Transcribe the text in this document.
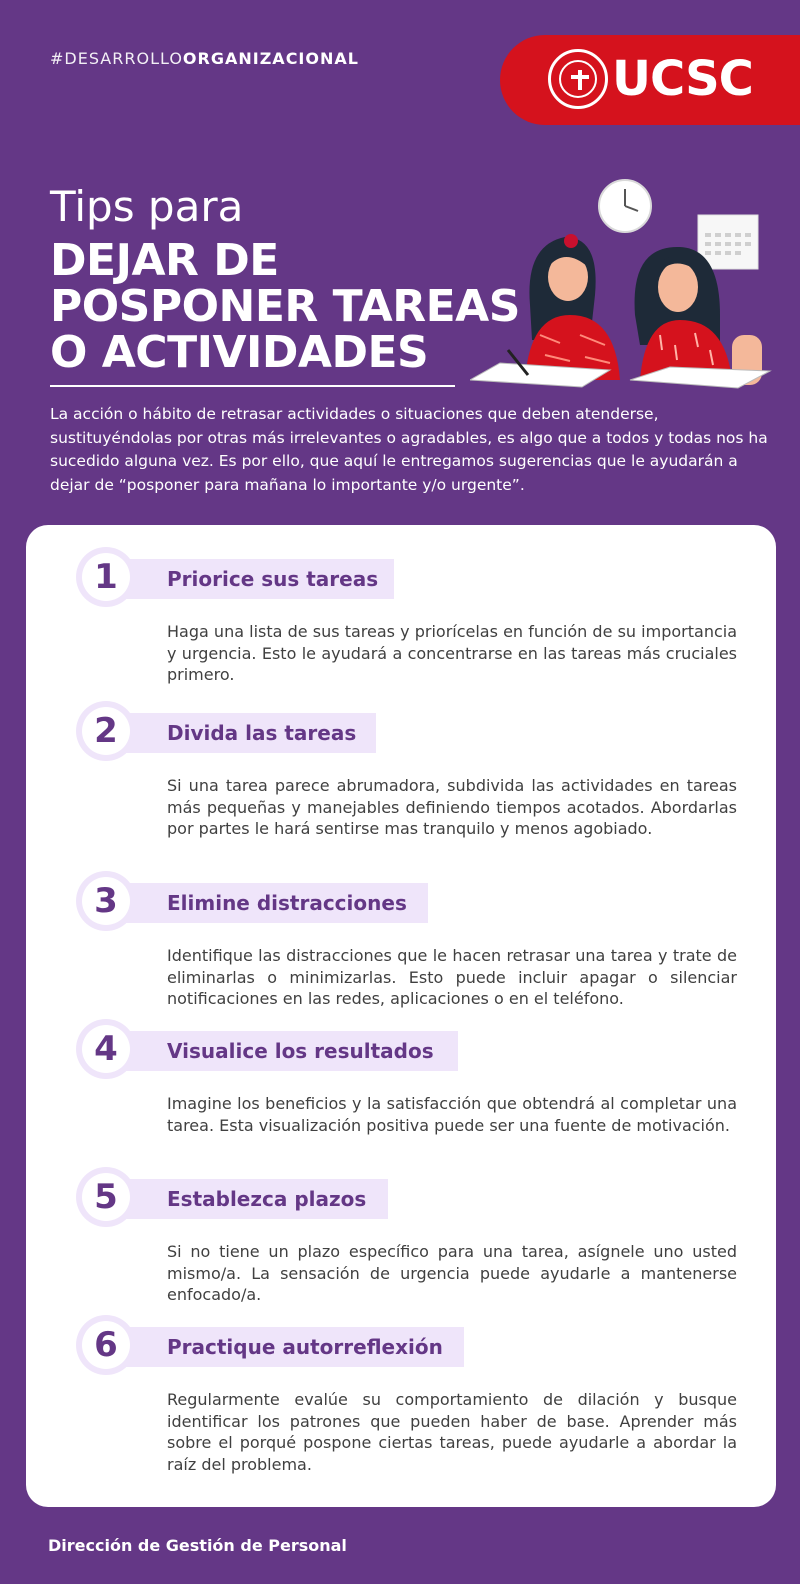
#DESARROLLOORGANIZACIONAL	UCSC
Tips para
DEJAR DE
POSPONER TAREAS
O ACTIVIDADES
La acción o hábito de retrasar actividades o situaciones que deben atenderse, sustituyéndolas por otras más irrelevantes o agradables, es algo que a todos y todas nos ha sucedido alguna vez. Es por ello, que aquí le entregamos sugerencias que le ayudarán a dejar de “posponer para mañana lo importante y/o urgente”.
1	Priorice sus tareas
Haga una lista de sus tareas y priorícelas en función de su importancia y urgencia. Esto le ayudará a concentrarse en las tareas más cruciales primero.
2	Divida las tareas
Si una tarea parece abrumadora, subdivida las actividades en tareas más pequeñas y manejables definiendo tiempos acotados. Abordarlas por partes le hará sentirse mas tranquilo y menos agobiado.
3	Elimine distracciones
Identifique las distracciones que le hacen retrasar una tarea y trate de eliminarlas o minimizarlas. Esto puede incluir apagar o silenciar notificaciones en las redes, aplicaciones o en el teléfono.
4	Visualice los resultados
Imagine los beneficios y la satisfacción que obtendrá al completar una tarea. Esta visualización positiva puede ser una fuente de motivación.
5	Establezca plazos
Si no tiene un plazo específico para una tarea, asígnele uno usted mismo/a. La sensación de urgencia puede ayudarle a mantenerse enfocado/a.
6	Practique autorreflexión
Regularmente evalúe su comportamiento de dilación y busque identificar los patrones que pueden haber de base. Aprender más sobre el porqué pospone ciertas tareas, puede ayudarle a abordar la raíz del problema.
Dirección de Gestión de Personal
